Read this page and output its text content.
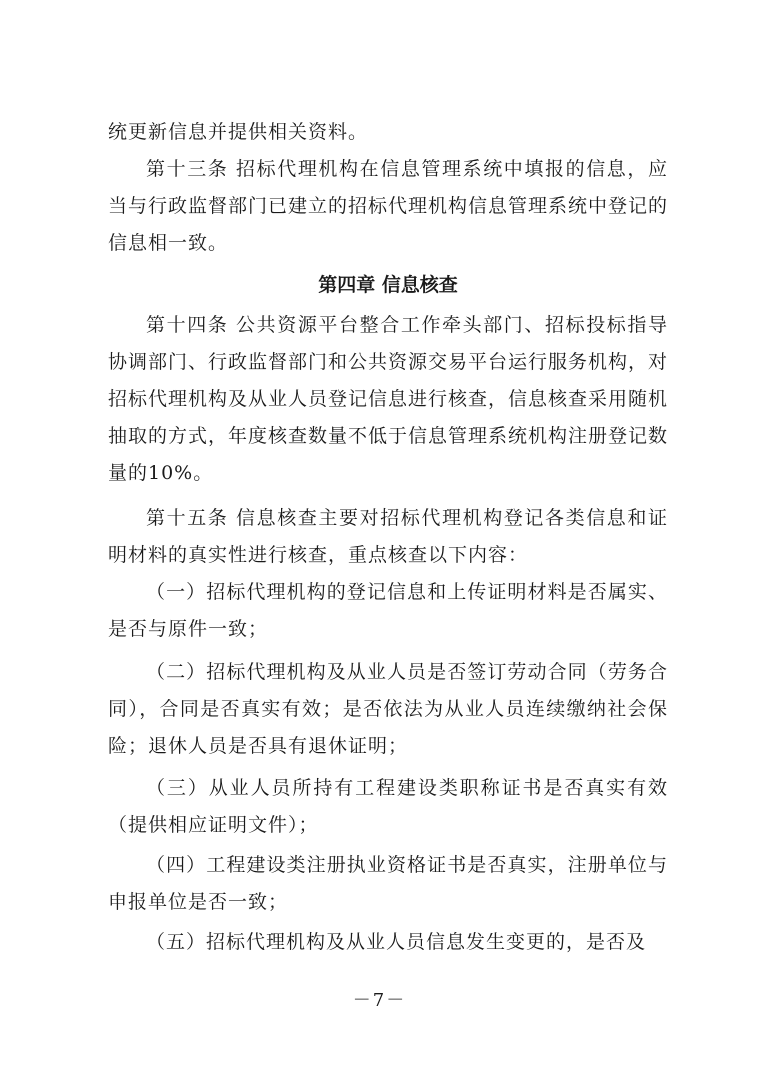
统更新信息并提供相关资料。

第十三条 招标代理机构在信息管理系统中填报的信息，应当与行政监督部门已建立的招标代理机构信息管理系统中登记的信息相一致。

第四章 信息核查

第十四条 公共资源平台整合工作牵头部门、招标投标指导协调部门、行政监督部门和公共资源交易平台运行服务机构，对招标代理机构及从业人员登记信息进行核查，信息核查采用随机抽取的方式，年度核查数量不低于信息管理系统机构注册登记数量的10%。

第十五条 信息核查主要对招标代理机构登记各类信息和证明材料的真实性进行核查，重点核查以下内容：

（一）招标代理机构的登记信息和上传证明材料是否属实、是否与原件一致；

（二）招标代理机构及从业人员是否签订劳动合同（劳务合同），合同是否真实有效；是否依法为从业人员连续缴纳社会保险；退休人员是否具有退休证明；

（三）从业人员所持有工程建设类职称证书是否真实有效（提供相应证明文件）；

（四）工程建设类注册执业资格证书是否真实，注册单位与申报单位是否一致；

（五）招标代理机构及从业人员信息发生变更的，是否及

－7－
